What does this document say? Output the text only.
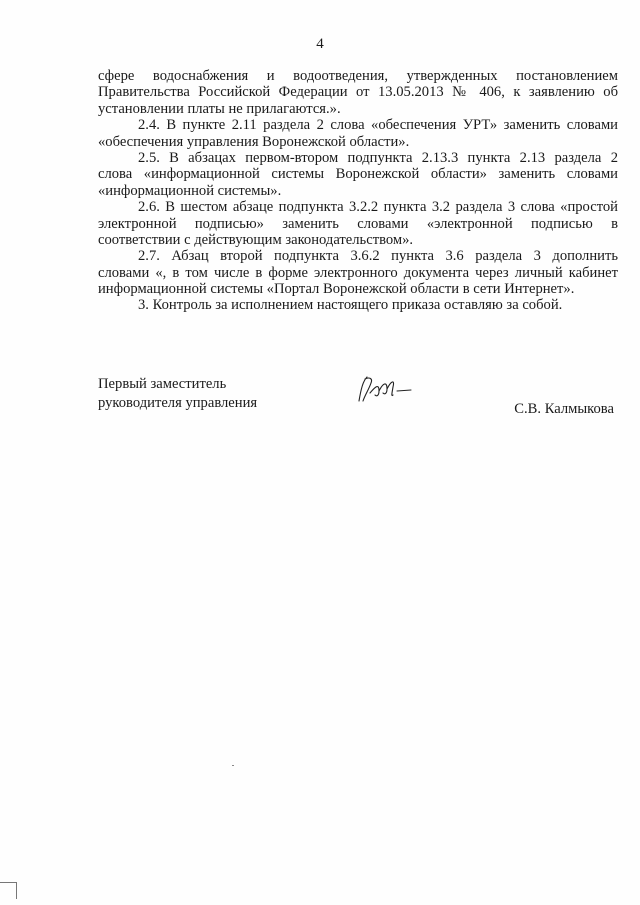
4
сфере водоснабжения и водоотведения, утвержденных постановлением
Правительства Российской Федерации от 13.05.2013 № 406, к заявлению об
установлении платы не прилагаются.».
2.4. В пункте 2.11 раздела 2 слова «обеспечения УРТ» заменить словами
«обеспечения управления Воронежской области».
2.5. В абзацах первом-втором подпункта 2.13.3 пункта 2.13 раздела 2
слова «информационной системы Воронежской области» заменить словами
«информационной системы».
2.6. В шестом абзаце подпункта 3.2.2 пункта 3.2 раздела 3 слова «простой
электронной подписью» заменить словами «электронной подписью в
соответствии с действующим законодательством».
2.7. Абзац второй подпункта 3.6.2 пункта 3.6 раздела 3 дополнить
словами «, в том числе в форме электронного документа через личный кабинет
информационной системы «Портал Воронежской области в сети Интернет».
3. Контроль за исполнением настоящего приказа оставляю за собой.
Первый заместитель
руководителя управления	С.В. Калмыкова
